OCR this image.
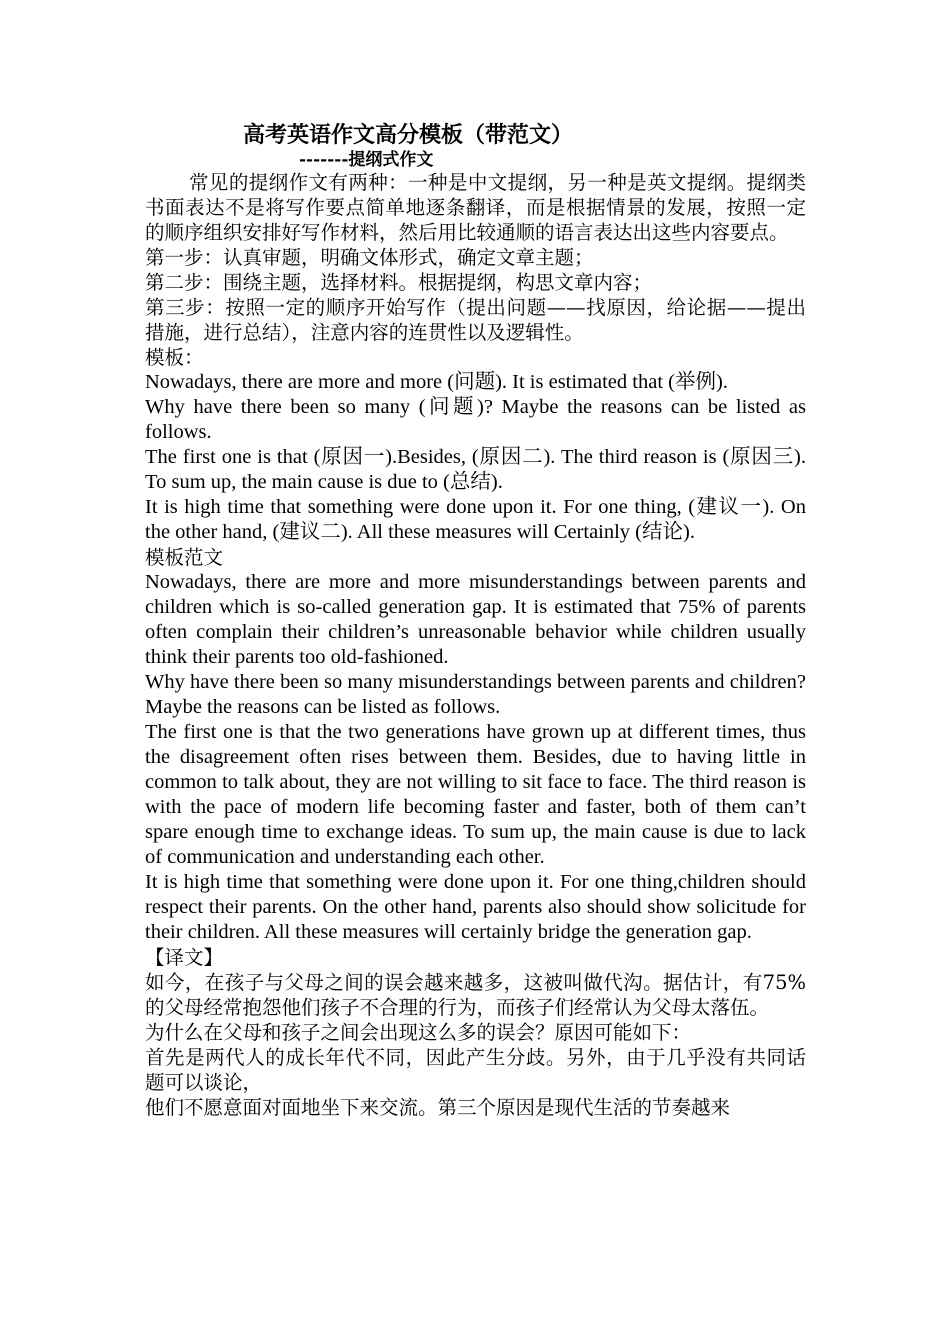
高考英语作文高分模板（带范文）
-------提纲式作文

常见的提纲作文有两种：一种是中文提纲，另一种是英文提纲。提纲类书面表达不是将写作要点简单地逐条翻译，而是根据情景的发展，按照一定的顺序组织安排好写作材料，然后用比较通顺的语言表达出这些内容要点。

第一步：认真审题，明确文体形式，确定文章主题；

第二步：围绕主题，选择材料。根据提纲，构思文章内容；

第三步：按照一定的顺序开始写作（提出问题——找原因，给论据——提出措施，进行总结），注意内容的连贯性以及逻辑性。

模板：

Nowadays, there are more and more (问题). It is estimated that (举例).

Why have there been so many (问题)? Maybe the reasons can be listed as follows.

The first one is that (原因一).Besides, (原因二). The third reason is (原因三). To sum up, the main cause is due to (总结).

It is high time that something were done upon it. For one thing, (建议一). On the other hand, (建议二). All these measures will Certainly (结论).

模板范文

Nowadays, there are more and more misunderstandings between parents and children which is so-called generation gap. It is estimated that 75% of parents often complain their children’s unreasonable behavior while children usually think their parents too old-fashioned.

Why have there been so many misunderstandings between parents and children? Maybe the reasons can be listed as follows.

The first one is that the two generations have grown up at different times, thus the disagreement often rises between them. Besides, due to having little in common to talk about, they are not willing to sit face to face. The third reason is with the pace of modern life becoming faster and faster, both of them can’t spare enough time to exchange ideas. To sum up, the main cause is due to lack of communication and understanding each other.

It is high time that something were done upon it. For one thing,children should respect their parents. On the other hand, parents also should show solicitude for their children. All these measures will certainly bridge the generation gap.

【译文】

如今，在孩子与父母之间的误会越来越多，这被叫做代沟。据估计，有75%的父母经常抱怨他们孩子不合理的行为，而孩子们经常认为父母太落伍。

为什么在父母和孩子之间会出现这么多的误会？原因可能如下：

首先是两代人的成长年代不同，因此产生分歧。另外，由于几乎没有共同话题可以谈论，

他们不愿意面对面地坐下来交流。第三个原因是现代生活的节奏越来
